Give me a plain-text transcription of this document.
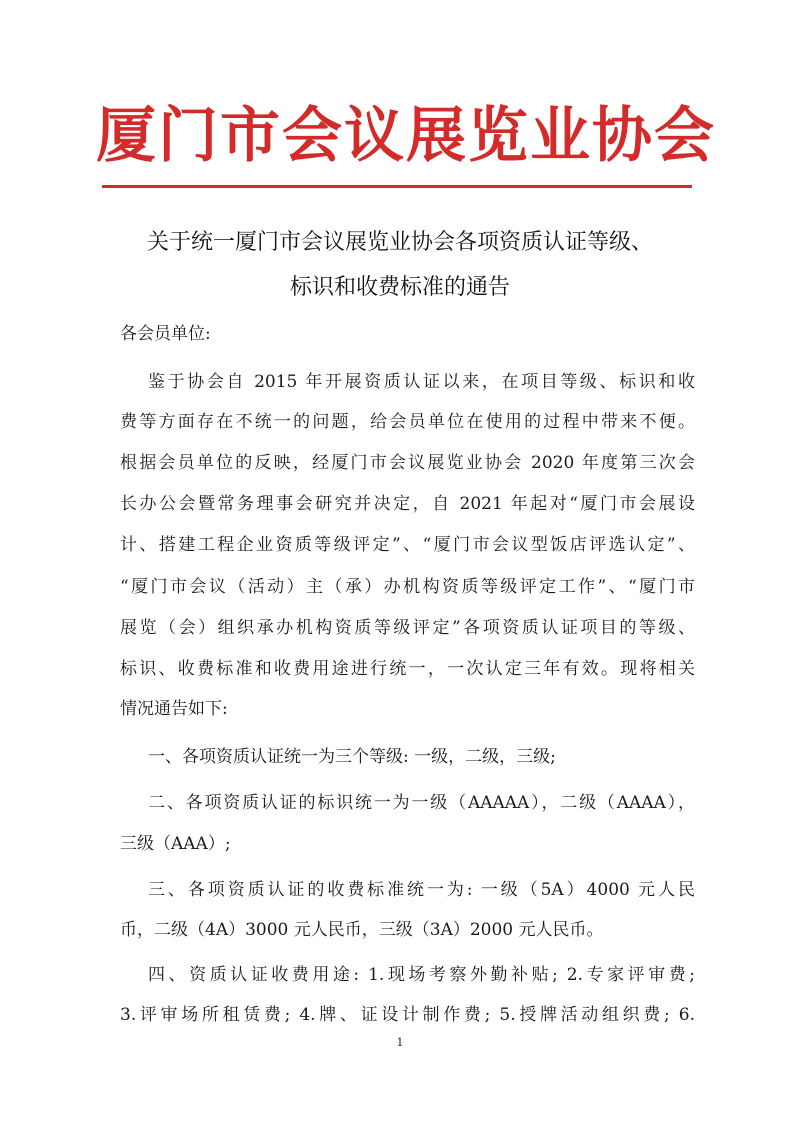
厦门市会议展览业协会
关于统一厦门市会议展览业协会各项资质认证等级、
标识和收费标准的通告
各会员单位:
鉴于协会自 2015 年开展资质认证以来，在项目等级、标识和收
费等方面存在不统一的问题，给会员单位在使用的过程中带来不便。
根据会员单位的反映，经厦门市会议展览业协会 2020 年度第三次会
长办公会暨常务理事会研究并决定，自 2021 年起对“厦门市会展设
计、搭建工程企业资质等级评定”、“厦门市会议型饭店评选认定”、
“厦门市会议（活动）主（承）办机构资质等级评定工作”、“厦门市
展览（会）组织承办机构资质等级评定”各项资质认证项目的等级、
标识、收费标准和收费用途进行统一，一次认定三年有效。现将相关
情况通告如下:
一、各项资质认证统一为三个等级: 一级，二级，三级;
二、各项资质认证的标识统一为一级（AAAAA），二级（AAAA），
三级（AAA）;
三、各项资质认证的收费标准统一为: 一级（5A）4000 元人民
币，二级（4A）3000 元人民币，三级（3A）2000 元人民币。
四、资质认证收费用途: 1.现场考察外勤补贴; 2.专家评审费;
3.评审场所租赁费; 4.牌、证设计制作费; 5.授牌活动组织费; 6.
1
